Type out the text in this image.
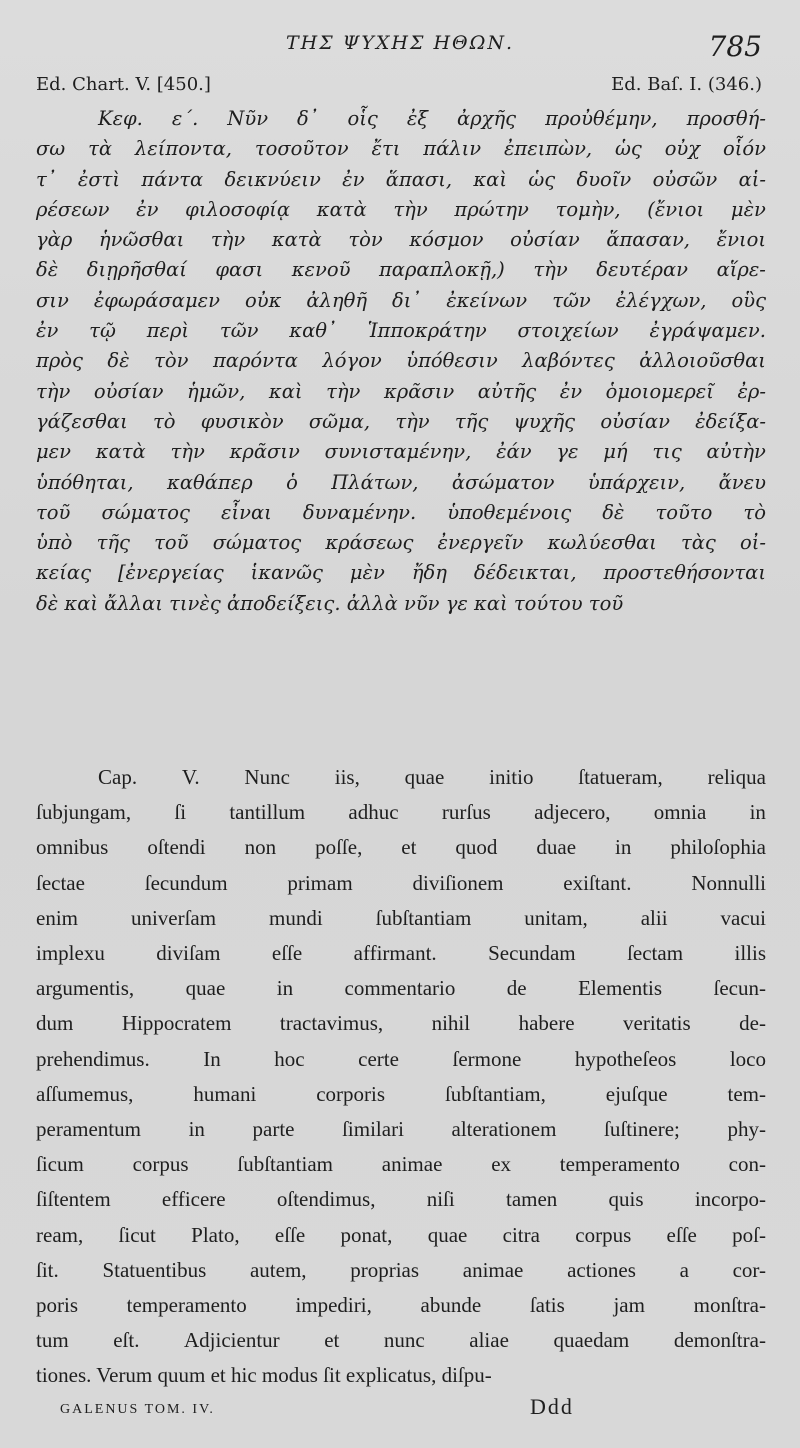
ΤΗΣ ΨΥΧΗΣ ΗΘΩΝ.	785
Ed. Chart. V. [450.]	Ed. Baſ. I. (346.)
Κεφ. ε΄. Νῦν δ᾽ οἷς ἐξ ἀρχῆς προὐθέμην, προσθή-
σω τὰ λείποντα, τοσοῦτον ἔτι πάλιν ἐπειπὼν, ὡς οὐχ οἷόν
τ᾽ ἐστὶ πάντα δεικνύειν ἐν ἅπασι, καὶ ὡς δυοῖν οὐσῶν αἱ-
ρέσεων ἐν φιλοσοφίᾳ κατὰ τὴν πρώτην τομὴν, (ἔνιοι μὲν
γὰρ ἡνῶσθαι τὴν κατὰ τὸν κόσμον οὐσίαν ἅπασαν, ἔνιοι
δὲ διῃρῆσθαί φασι κενοῦ παραπλοκῇ,) τὴν δευτέραν αἵρε-
σιν ἐφωράσαμεν οὐκ ἀληθῆ δι᾽ ἐκείνων τῶν ἐλέγχων, οὓς
ἐν τῷ περὶ τῶν καθ᾽ Ἱπποκράτην στοιχείων ἐγράψαμεν.
πρὸς δὲ τὸν παρόντα λόγον ὑπόθεσιν λαβόντες ἀλλοιοῦσθαι
τὴν οὐσίαν ἡμῶν, καὶ τὴν κρᾶσιν αὐτῆς ἐν ὁμοιομερεῖ ἐρ-
γάζεσθαι τὸ φυσικὸν σῶμα, τὴν τῆς ψυχῆς οὐσίαν ἐδείξα-
μεν κατὰ τὴν κρᾶσιν συνισταμένην, ἐάν γε μή τις αὐτὴν
ὑπόθηται, καθάπερ ὁ Πλάτων, ἀσώματον ὑπάρχειν, ἄνευ
τοῦ σώματος εἶναι δυναμένην. ὑποθεμένοις δὲ τοῦτο τὸ
ὑπὸ τῆς τοῦ σώματος κράσεως ἐνεργεῖν κωλύεσθαι τὰς οἰ-
κείας [ἐνεργείας ἱκανῶς μὲν ἤδη δέδεικται, προστεθήσονται
δὲ καὶ ἄλλαι τινὲς ἀποδείξεις. ἀλλὰ νῦν γε καὶ τούτου τοῦ
Cap. V. Nunc iis, quae initio ſtatueram, reliqua
ſubjungam, ſi tantillum adhuc rurſus adjecero, omnia in
omnibus oſtendi non poſſe, et quod duae in philoſophia
ſectae	ſecundum	primam	diviſionem	exiſtant.	Nonnulli
enim	univerſam	mundi	ſubſtantiam	unitam,	alii	vacui
implexu diviſam eſſe affirmant. Secundam ſectam illis
argumentis, quae in commentario de Elementis ſecun-
dum Hippocratem tractavimus, nihil habere veritatis de-
prehendimus.	In	hoc	certe	ſermone	hypotheſeos	loco
aſſumemus,	humani	corporis	ſubſtantiam,	ejuſque	tem-
peramentum in parte ſimilari alterationem ſuſtinere; phy-
ſicum corpus ſubſtantiam animae ex temperamento con-
ſiſtentem efficere oſtendimus, niſi tamen quis incorpo-
ream, ſicut Plato, eſſe ponat, quae citra corpus eſſe poſ-
ſit. Statuentibus autem, proprias animae actiones a cor-
poris temperamento impediri, abunde ſatis jam monſtra-
tum eſt. Adjicientur et nunc aliae quaedam demonſtra-
tiones. Verum quum et hic modus ſit explicatus, diſpu-
GALENUS TOM. IV.	Ddd
